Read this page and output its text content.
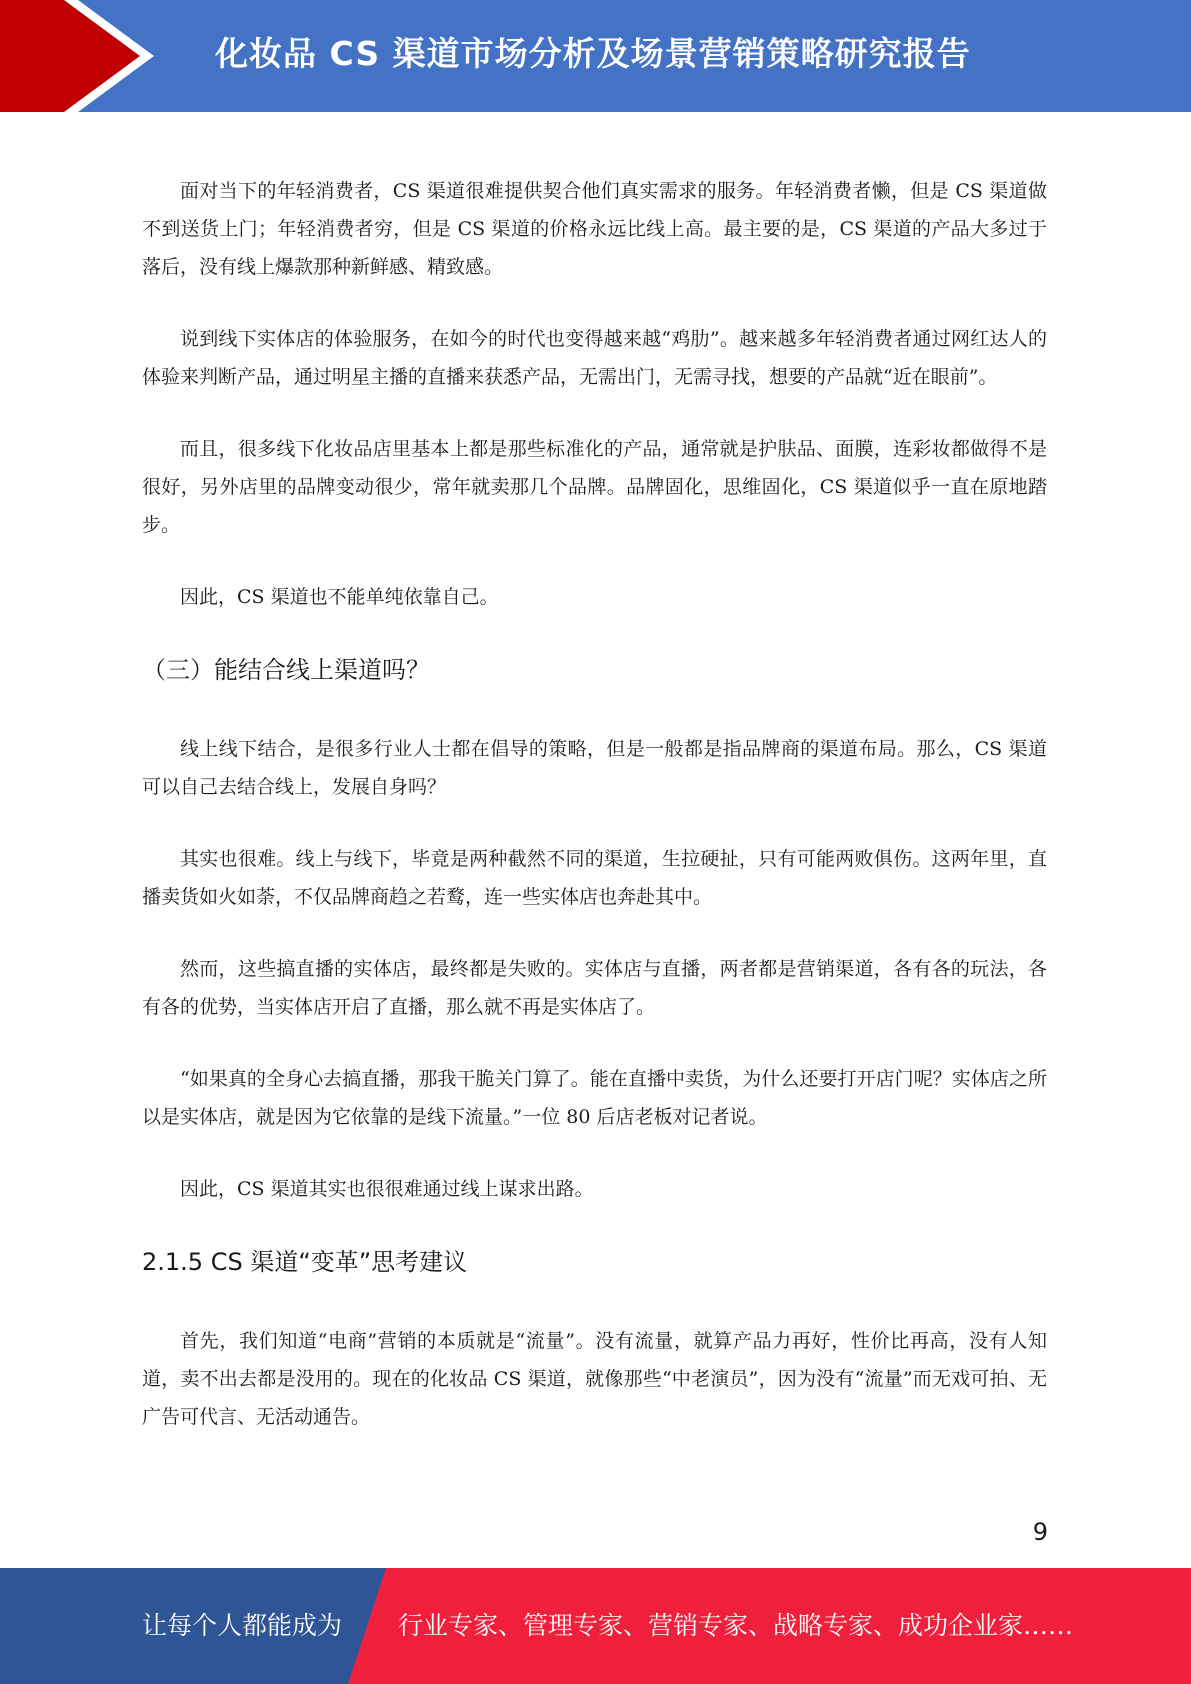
化妆品 CS 渠道市场分析及场景营销策略研究报告

面对当下的年轻消费者，CS 渠道很难提供契合他们真实需求的服务。年轻消费者懒，但是 CS 渠道做不到送货上门；年轻消费者穷，但是 CS 渠道的价格永远比线上高。最主要的是，CS 渠道的产品大多过于落后，没有线上爆款那种新鲜感、精致感。

说到线下实体店的体验服务，在如今的时代也变得越来越“鸡肋”。越来越多年轻消费者通过网红达人的体验来判断产品，通过明星主播的直播来获悉产品，无需出门，无需寻找，想要的产品就“近在眼前”。

而且，很多线下化妆品店里基本上都是那些标准化的产品，通常就是护肤品、面膜，连彩妆都做得不是很好，另外店里的品牌变动很少，常年就卖那几个品牌。品牌固化，思维固化，CS 渠道似乎一直在原地踏步。

因此，CS 渠道也不能单纯依靠自己。

（三）能结合线上渠道吗？

线上线下结合，是很多行业人士都在倡导的策略，但是一般都是指品牌商的渠道布局。那么，CS 渠道可以自己去结合线上，发展自身吗？

其实也很难。线上与线下，毕竟是两种截然不同的渠道，生拉硬扯，只有可能两败俱伤。这两年里，直播卖货如火如荼，不仅品牌商趋之若鹜，连一些实体店也奔赴其中。

然而，这些搞直播的实体店，最终都是失败的。实体店与直播，两者都是营销渠道，各有各的玩法，各有各的优势，当实体店开启了直播，那么就不再是实体店了。

“如果真的全身心去搞直播，那我干脆关门算了。能在直播中卖货，为什么还要打开店门呢？实体店之所以是实体店，就是因为它依靠的是线下流量。”一位 80 后店老板对记者说。

因此，CS 渠道其实也很很难通过线上谋求出路。

2.1.5 CS 渠道“变革”思考建议

首先，我们知道“电商”营销的本质就是“流量”。没有流量，就算产品力再好，性价比再高，没有人知道，卖不出去都是没用的。现在的化妆品 CS 渠道，就像那些“中老演员”，因为没有“流量”而无戏可拍、无广告可代言、无活动通告。

9
让每个人都能成为 行业专家、管理专家、营销专家、战略专家、成功企业家……
